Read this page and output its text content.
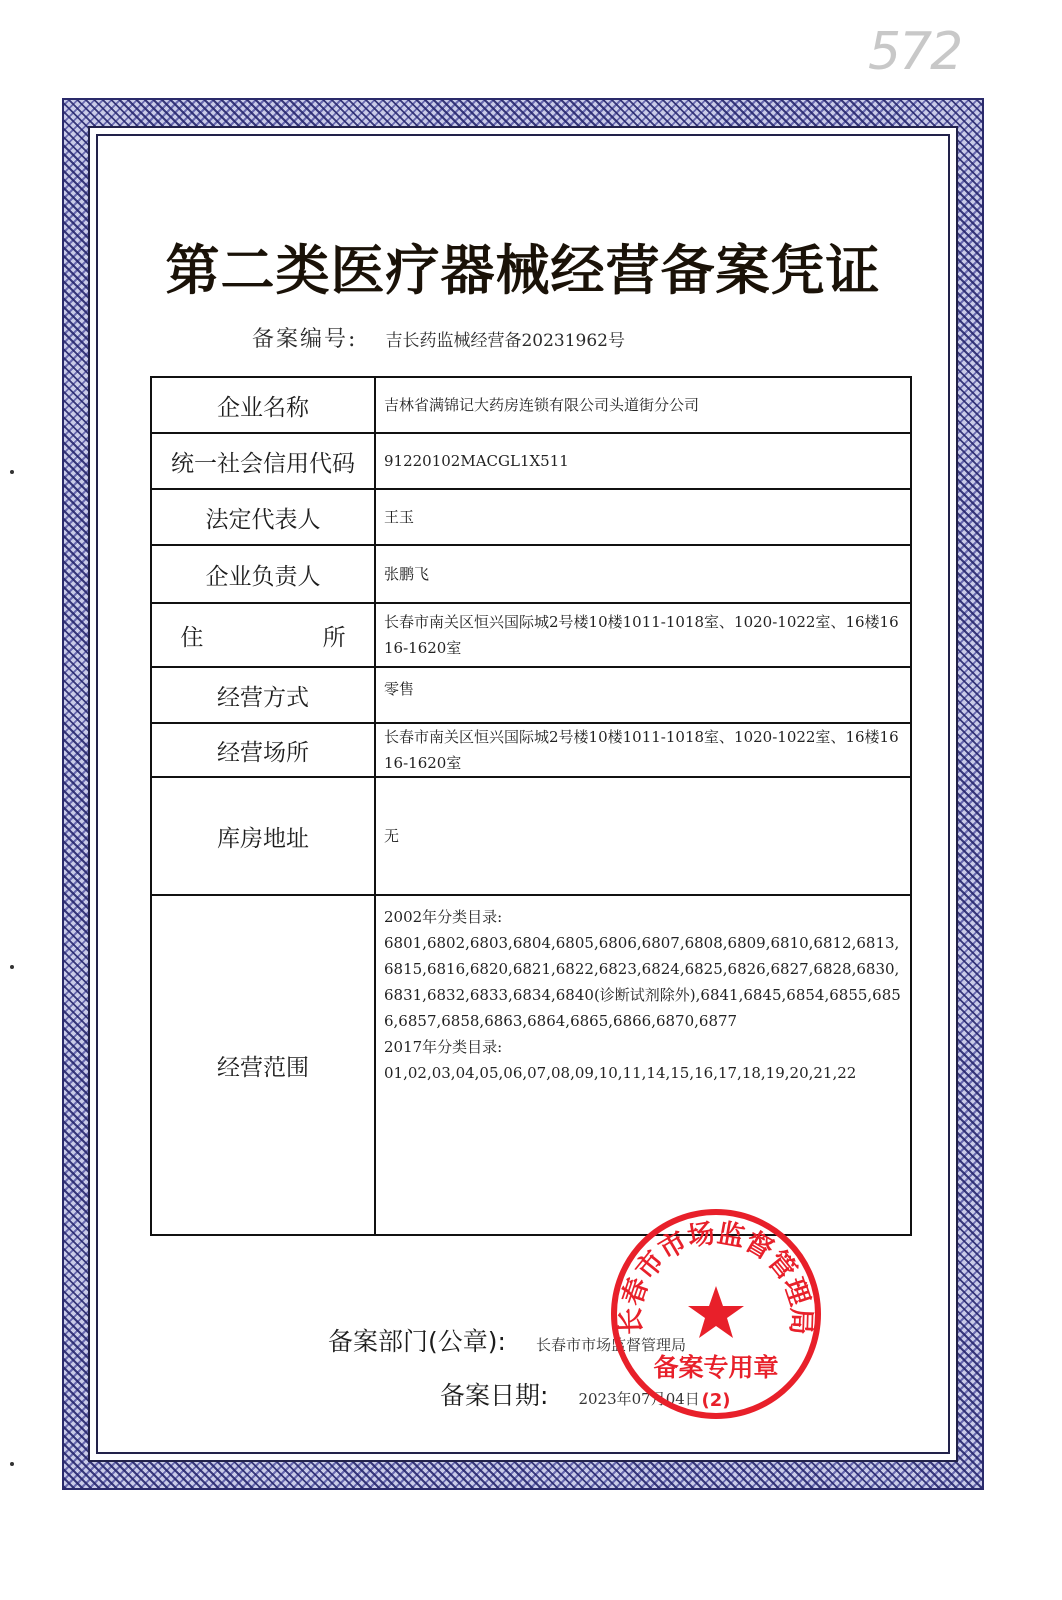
572
第二类医疗器械经营备案凭证
备案编号: 吉长药监械经营备20231962号
企业名称	吉林省满锦记大药房连锁有限公司头道街分公司
统一社会信用代码	91220102MACGL1X511
法定代表人	王玉
企业负责人	张鹏飞
住 所	长春市南关区恒兴国际城2号楼10楼1011-1018室、1020-1022室、16楼1616-1620室
经营方式	零售
经营场所	长春市南关区恒兴国际城2号楼10楼1011-1018室、1020-1022室、16楼1616-1620室
库房地址	无
经营范围	2002年分类目录:
6801,6802,6803,6804,6805,6806,6807,6808,6809,6810,6812,6813,6815,6816,6820,6821,6822,6823,6824,6825,6826,6827,6828,6830,6831,6832,6833,6834,6840(诊断试剂除外),6841,6845,6854,6855,6856,6857,6858,6863,6864,6865,6866,6870,6877
2017年分类目录:
01,02,03,04,05,06,07,08,09,10,11,14,15,16,17,18,19,20,21,22
备案部门(公章): 长春市市场监督管理局
备案日期: 2023年07月04日
长春市市场监督管理局
备案专用章
(2)
